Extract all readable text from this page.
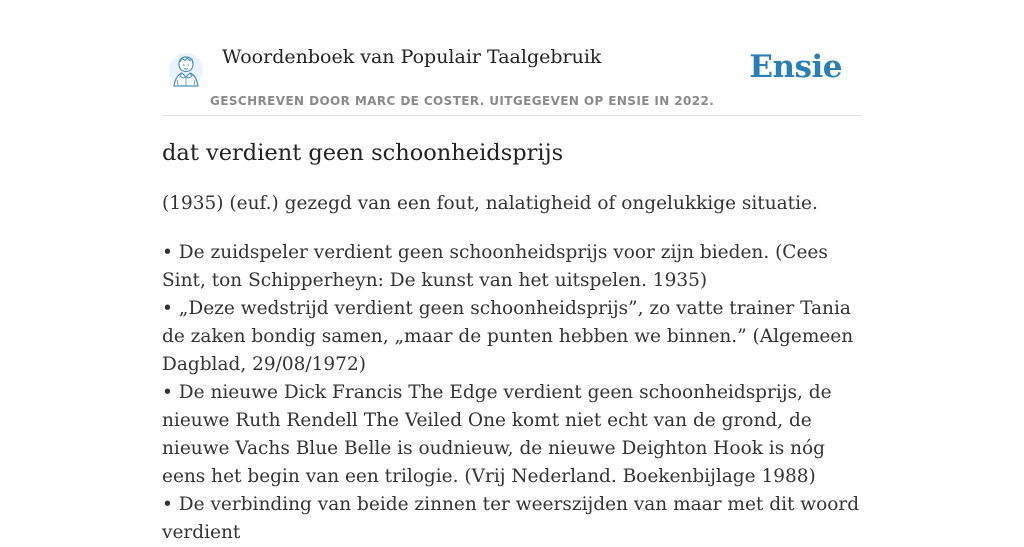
Woordenboek van Populair Taalgebruik
GESCHREVEN DOOR MARC DE COSTER. UITGEGEVEN OP ENSIE IN 2022.
Ensie
dat verdient geen schoonheidsprijs
(1935) (euf.) gezegd van een fout, nalatigheid of ongelukkige situatie.

• De zuidspeler verdient geen schoonheidsprijs voor zijn bieden. (Cees Sint, ton Schipperheyn: De kunst van het uitspelen. 1935)

• „Deze wedstrijd verdient geen schoonheidsprijs”, zo vatte trainer Tania de zaken bondig samen, „maar de punten hebben we binnen.” (Algemeen Dagblad, 29/08/1972)

• De nieuwe Dick Francis The Edge verdient geen schoonheidsprijs, de nieuwe Ruth Rendell The Veiled One komt niet echt van de grond, de nieuwe Vachs Blue Belle is oudnieuw, de nieuwe Deighton Hook is nóg eens het begin van een trilogie. (Vrij Nederland. Boekenbijlage 1988)

• De verbinding van beide zinnen ter weerszijden van maar met dit woord verdient
